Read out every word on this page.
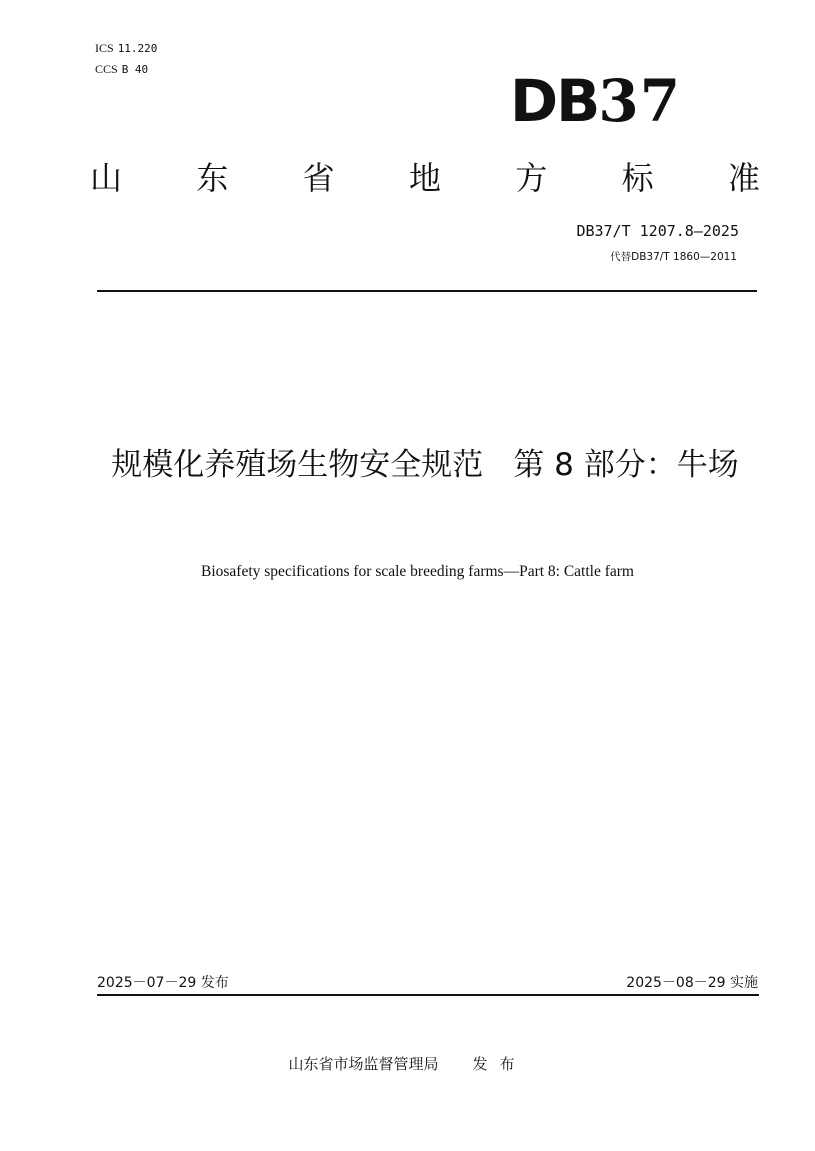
ICS 11.220
CCS B 40	DB37
山 东 省 地 方 标 准
DB37/T 1207.8—2025
代替DB37/T 1860—2011
规模化养殖场生物安全规范 第 8 部分：牛场
Biosafety specifications for scale breeding farms—Part 8: Cattle farm
2025－07－29 发布	2025－08－29 实施
山东省市场监督管理局 发布
